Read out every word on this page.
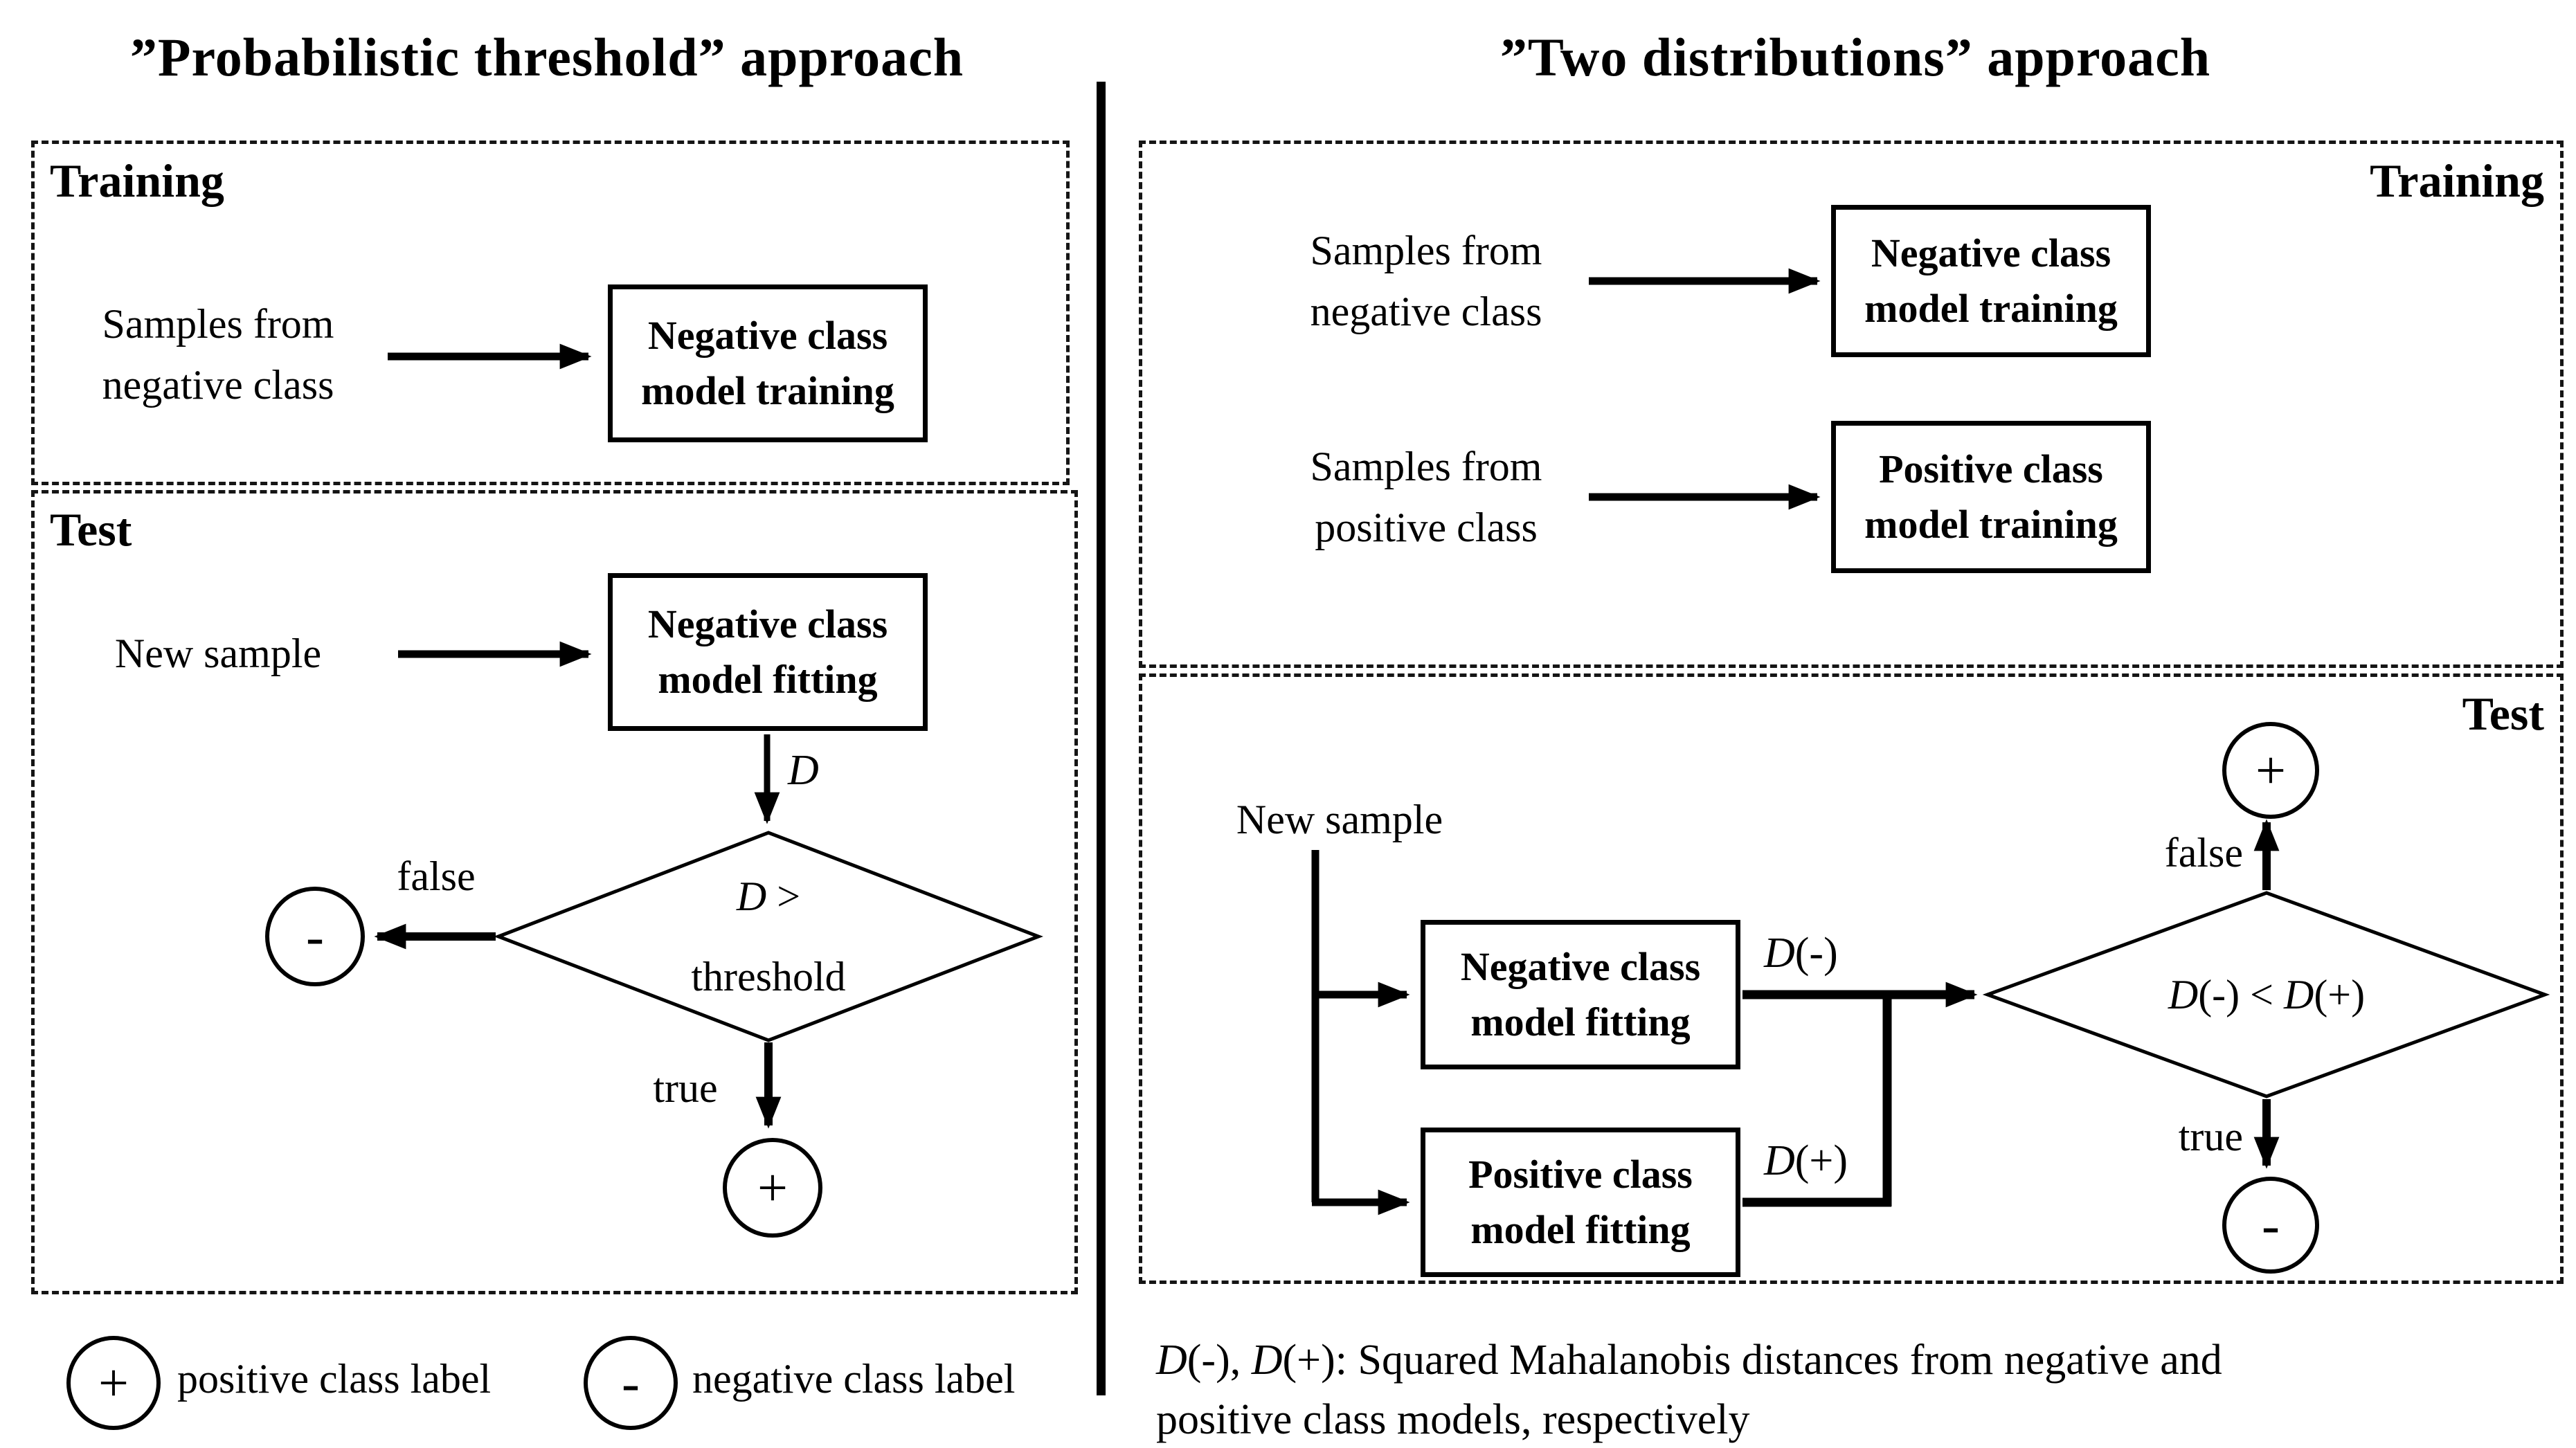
”Probabilistic threshold” approach
Training
Samples from
negative class
Negative class
model training
Test
New sample
Negative class
model fitting
D
D >
threshold
false
-
true
+
+	positive class label	-	negative class label
”Two distributions” approach
Training
Samples from
negative class
Negative class
model training
Samples from
positive class
Positive class
model training
Test
New sample
Negative class
model fitting
Positive class
model fitting
D(-)
D(+)
D(-) < D(+)
false
+
true
-
D(-), D(+): Squared Mahalanobis distances from negative and
positive class models, respectively
